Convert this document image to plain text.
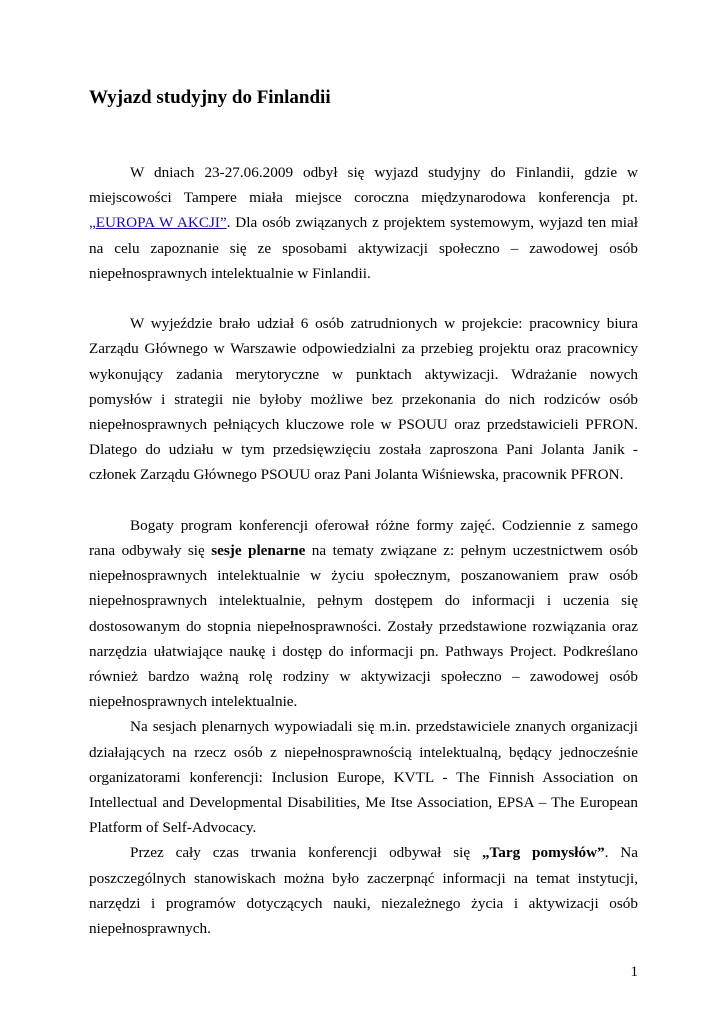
Wyjazd studyjny do Finlandii

W dniach 23-27.06.2009 odbył się wyjazd studyjny do Finlandii, gdzie w miejscowości Tampere miała miejsce coroczna międzynarodowa konferencja pt. „EUROPA W AKCJI”. Dla osób związanych z projektem systemowym, wyjazd ten miał na celu zapoznanie się ze sposobami aktywizacji społeczno – zawodowej osób niepełnosprawnych intelektualnie w Finlandii.

W wyjeździe brało udział 6 osób zatrudnionych w projekcie: pracownicy biura Zarządu Głównego w Warszawie odpowiedzialni za przebieg projektu oraz pracownicy wykonujący zadania merytoryczne w punktach aktywizacji. Wdrażanie nowych pomysłów i strategii nie byłoby możliwe bez przekonania do nich rodziców osób niepełnosprawnych pełniących kluczowe role w PSOUU oraz przedstawicieli PFRON. Dlatego do udziału w tym przedsięwzięciu została zaproszona Pani Jolanta Janik - członek Zarządu Głównego PSOUU oraz Pani Jolanta Wiśniewska, pracownik PFRON.

Bogaty program konferencji oferował różne formy zajęć. Codziennie z samego rana odbywały się sesje plenarne na tematy związane z: pełnym uczestnictwem osób niepełnosprawnych intelektualnie w życiu społecznym, poszanowaniem praw osób niepełnosprawnych intelektualnie, pełnym dostępem do informacji i uczenia się dostosowanym do stopnia niepełnosprawności. Zostały przedstawione rozwiązania oraz narzędzia ułatwiające naukę i dostęp do informacji pn. Pathways Project. Podkreślano również bardzo ważną rolę rodziny w aktywizacji społeczno – zawodowej osób niepełnosprawnych intelektualnie.

Na sesjach plenarnych wypowiadali się m.in. przedstawiciele znanych organizacji działających na rzecz osób z niepełnosprawnością intelektualną, będący jednocześnie organizatorami konferencji: Inclusion Europe, KVTL - The Finnish Association on Intellectual and Developmental Disabilities, Me Itse Association, EPSA – The European Platform of Self-Advocacy.

Przez cały czas trwania konferencji odbywał się „Targ pomysłów”. Na poszczególnych stanowiskach można było zaczerpnąć informacji na temat instytucji, narzędzi i programów dotyczących nauki, niezależnego życia i aktywizacji osób niepełnosprawnych.

1
